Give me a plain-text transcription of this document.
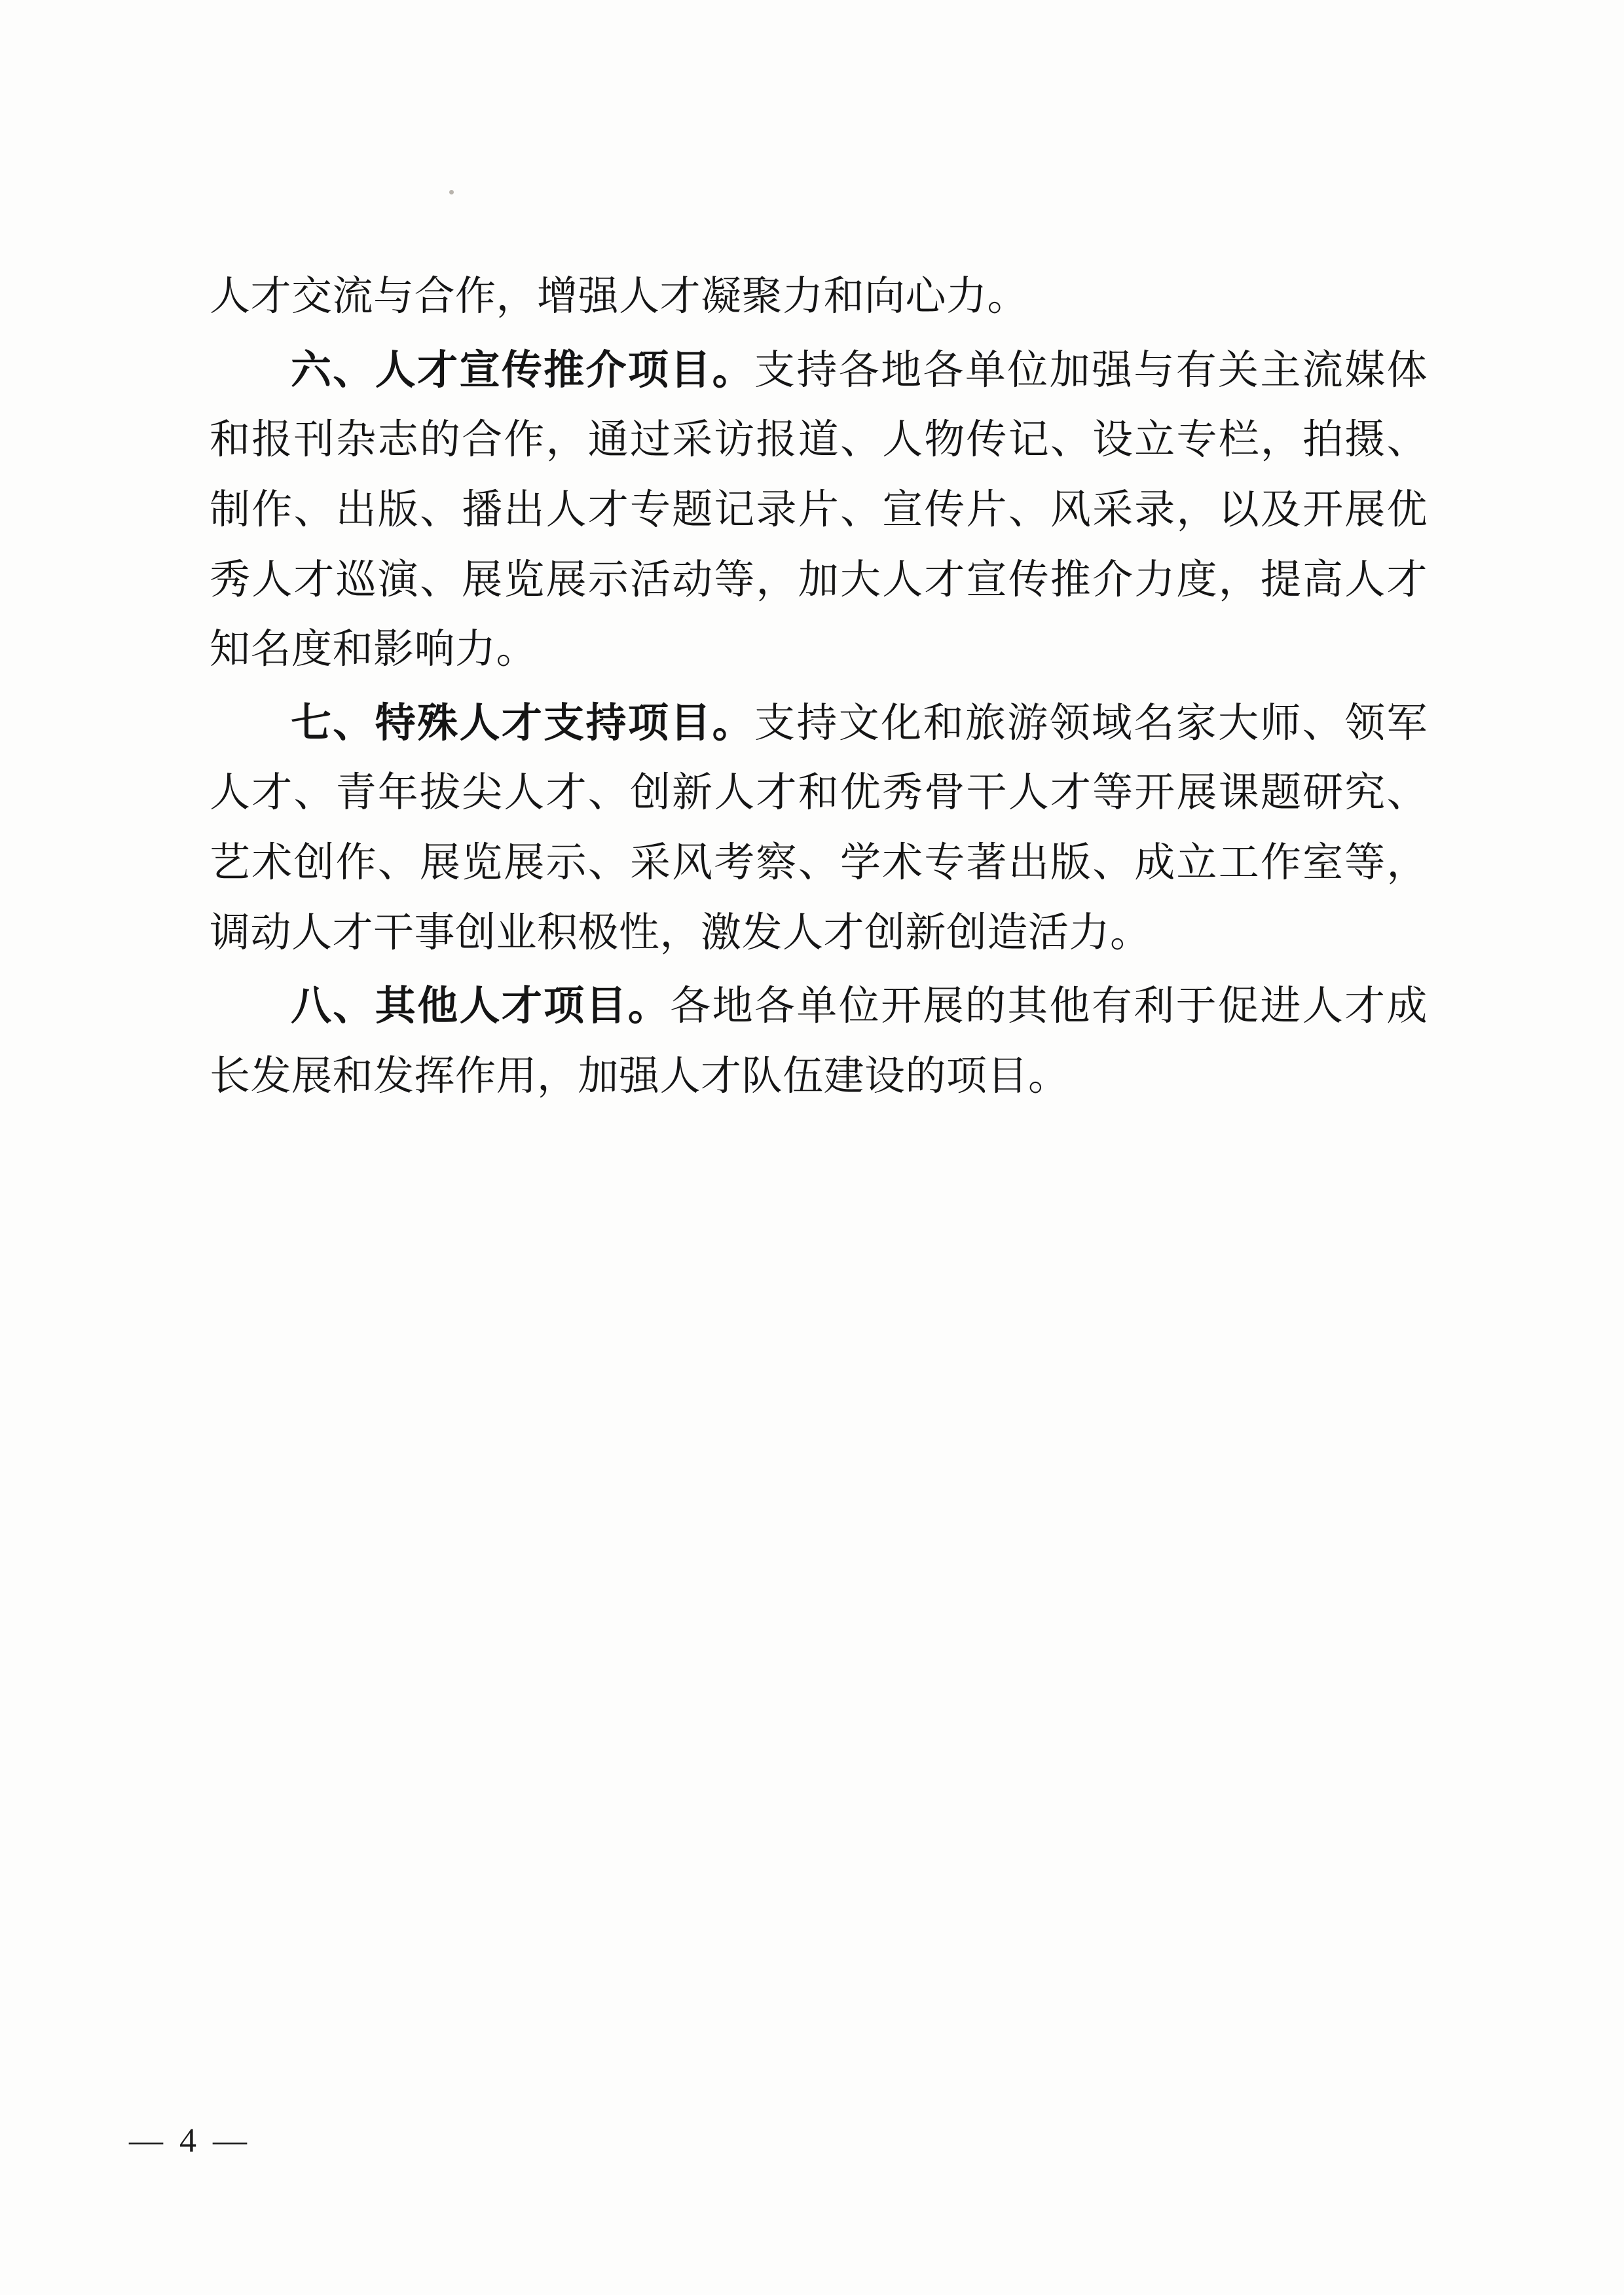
人才交流与合作，增强人才凝聚力和向心力。

六、人才宣传推介项目。支持各地各单位加强与有关主流媒体和报刊杂志的合作，通过采访报道、人物传记、设立专栏，拍摄、制作、出版、播出人才专题记录片、宣传片、风采录，以及开展优秀人才巡演、展览展示活动等，加大人才宣传推介力度，提高人才知名度和影响力。

七、特殊人才支持项目。支持文化和旅游领域名家大师、领军人才、青年拔尖人才、创新人才和优秀骨干人才等开展课题研究、艺术创作、展览展示、采风考察、学术专著出版、成立工作室等，调动人才干事创业积极性，激发人才创新创造活力。

八、其他人才项目。各地各单位开展的其他有利于促进人才成长发展和发挥作用，加强人才队伍建设的项目。

— 4 —
